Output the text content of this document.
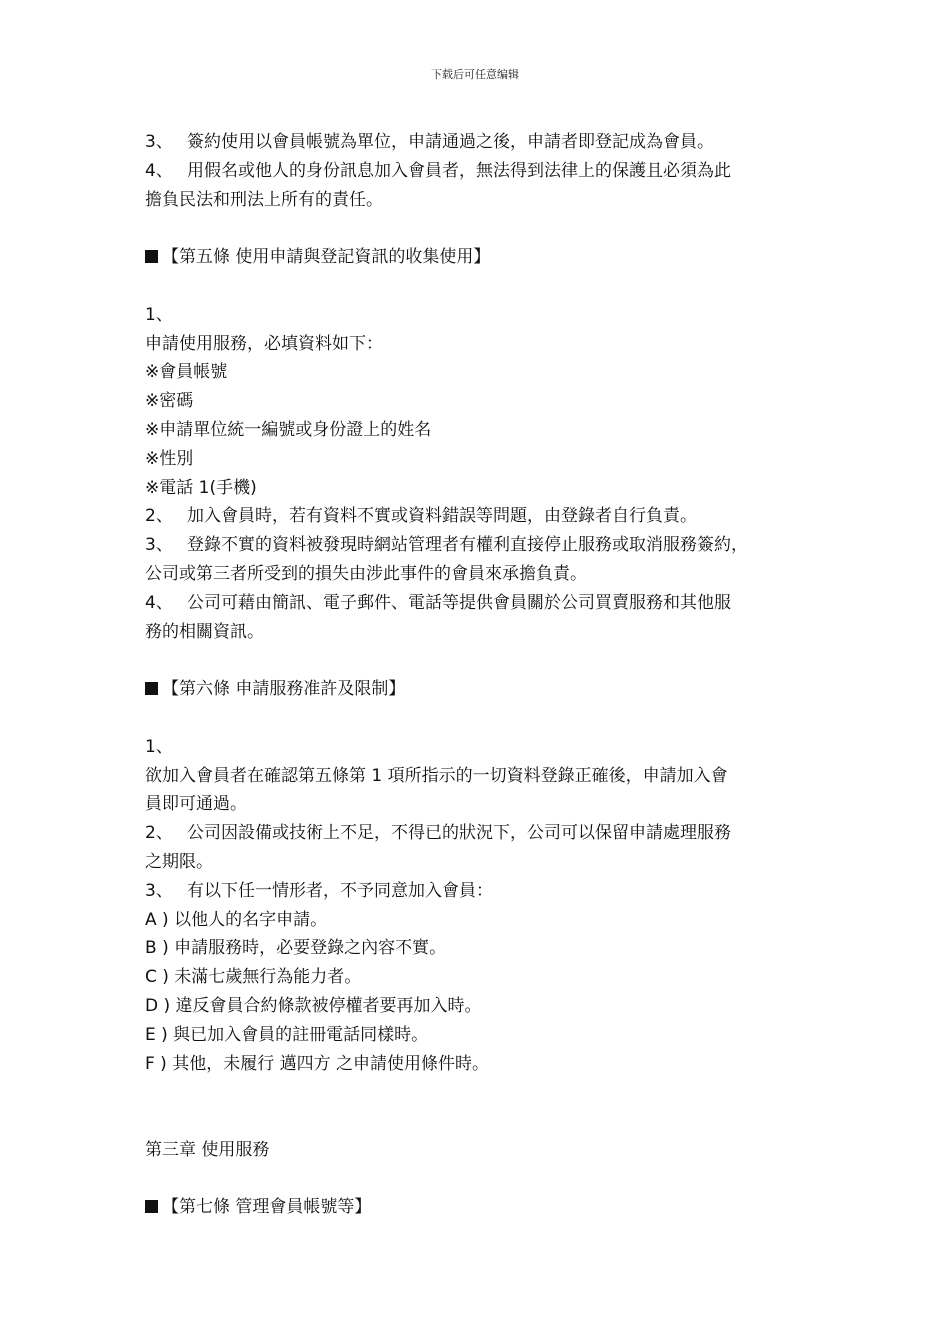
下载后可任意编辑
3、 簽約使用以會員帳號為單位，申請通過之後，申請者即登記成為會員。
4、 用假名或他人的身份訊息加入會員者，無法得到法律上的保護且必須為此
擔負民法和刑法上所有的責任。
【第五條 使用申請與登記資訊的收集使用】
1、
申請使用服務，必填資料如下：
※會員帳號
※密碼
※申請單位統一編號或身份證上的姓名
※性別
※電話 1(手機)
2、 加入會員時，若有資料不實或資料錯誤等問題，由登錄者自行負責。
3、 登錄不實的資料被發現時網站管理者有權利直接停止服務或取消服務簽約，
公司或第三者所受到的損失由涉此事件的會員來承擔負責。
4、 公司可藉由簡訊、電子郵件、電話等提供會員關於公司買賣服務和其他服
務的相關資訊。
【第六條 申請服務准許及限制】
1、
欲加入會員者在確認第五條第 1 項所指示的一切資料登錄正確後，申請加入會
員即可通過。
2、 公司因設備或技術上不足，不得已的狀況下，公司可以保留申請處理服務
之期限。
3、 有以下任一情形者，不予同意加入會員：
A ) 以他人的名字申請。
B ) 申請服務時，必要登錄之內容不實。
C ) 未滿七歲無行為能力者。
D ) 違反會員合約條款被停權者要再加入時。
E ) 與已加入會員的註冊電話同樣時。
F ) 其他，未履行 邁四方 之申請使用條件時。
第三章 使用服務
【第七條 管理會員帳號等】
